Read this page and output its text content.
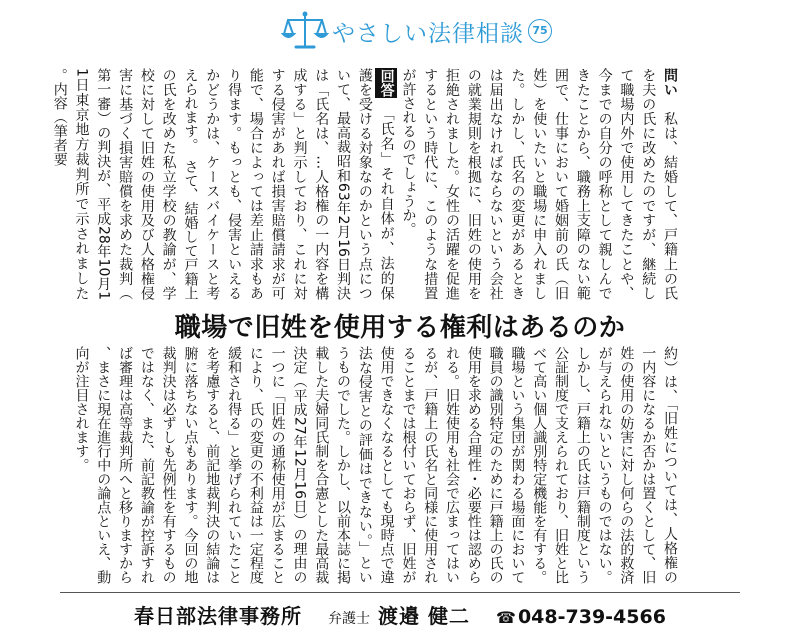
やさしい法律相談 75
問い　私は、結婚して、戸籍上の氏を夫の氏に改めたのですが、継続して職場内外で使用してきたことや、今までの自分の呼称として親しんできたことから、職務上支障のない範囲で、仕事において婚姻前の氏（旧姓）を使いたいと職場に申入れました。しかし、氏名の変更があるときは届出なければならないという会社の就業規則を根拠に、旧姓の使用を拒絶されました。女性の活躍を促進するという時代に、このような措置が許されるのでしょうか。
回答　「氏名」それ自体が、法的保護を受ける対象なのかという点について、最高裁昭和63年2月16日判決は「氏名は、…人格権の一内容を構成する」と判示しており、これに対する侵害があれば損害賠償請求が可能で、場合によっては差止請求もあり得ます。もっとも、侵害といえるかどうかは、ケースバイケースと考えられます。　さて、結婚して戸籍上の氏を改めた私立学校の教諭が、学校に対して旧姓の使用及び人格権侵害に基づく損害賠償を求めた裁判（第一審）の判決が、平成28年10月11日東京地方裁判所で示されました。内容（筆者要
職場で旧姓を使用する権利はあるのか
約）は、「旧姓については、人格権の一内容になるか否かは置くとして、旧姓の使用の妨害に対し何らの法的救済が与えられないというものではない。しかし、戸籍上の氏は戸籍制度という公証制度で支えられており、旧姓と比べて高い個人識別特定機能を有する。職場という集団が関わる場面において職員の識別特定のために戸籍上の氏の使用を求める合理性・必要性は認められる。旧姓使用も社会で広まってはいるが、戸籍上の氏名と同様に使用されることまでは根付いておらず、旧姓が使用できなくなるとしても現時点で違法な侵害との評価はできない。」というものでした。しかし、以前本誌に掲載した夫婦同氏制を合憲とした最高裁決定（平成27年12月16日）の理由の一つに「旧姓の通称使用が広まることにより、氏の変更の不利益は一定程度緩和され得る」と挙げられていたことを考慮すると、前記地裁判決の結論は腑に落ちない点もあります。今回の地裁判決は必ずしも先例性を有するものではなく、また、前記教諭が控訴すれば審理は高等裁判所へと移りますから、まさに現在進行中の論点といえ、動向が注目されます。
春日部法律事務所 弁護士 渡邉 健二 ☎ 048-739-4566
